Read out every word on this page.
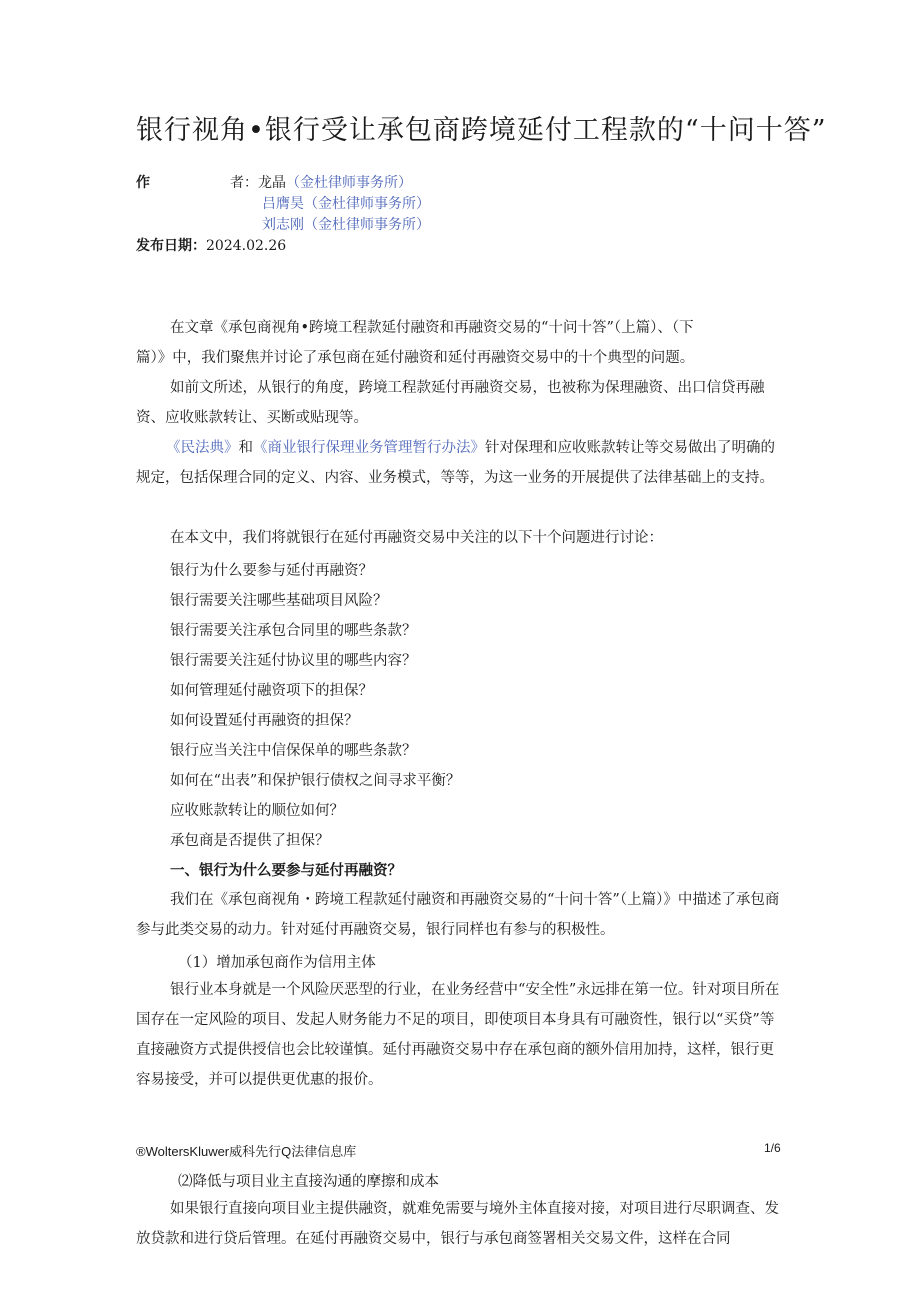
银行视角•银行受让承包商跨境延付工程款的“十问十答”
作	者：龙晶（金杜律师事务所）
吕膺昊（金杜律师事务所）
刘志刚（金杜律师事务所）
发布日期：2024.02.26
在文章《承包商视角•跨境工程款延付融资和再融资交易的“十问十答”（上篇）、（下
篇）》中，我们聚焦并讨论了承包商在延付融资和延付再融资交易中的十个典型的问题。

如前文所述，从银行的角度，跨境工程款延付再融资交易，也被称为保理融资、出口信贷再融资、应收账款转让、买断或贴现等。

《民法典》和《商业银行保理业务管理暂行办法》针对保理和应收账款转让等交易做出了明确的规定，包括保理合同的定义、内容、业务模式，等等，为这一业务的开展提供了法律基础上的支持。

在本文中，我们将就银行在延付再融资交易中关注的以下十个问题进行讨论：

银行为什么要参与延付再融资？
银行需要关注哪些基础项目风险？
银行需要关注承包合同里的哪些条款？
银行需要关注延付协议里的哪些内容？
如何管理延付融资项下的担保？
如何设置延付再融资的担保？
银行应当关注中信保保单的哪些条款？
如何在“出表”和保护银行债权之间寻求平衡？
应收账款转让的顺位如何？
承包商是否提供了担保？
一、银行为什么要参与延付再融资？

我们在《承包商视角・跨境工程款延付融资和再融资交易的“十问十答”（上篇）》中描述了承包商参与此类交易的动力。针对延付再融资交易，银行同样也有参与的积极性。

（1）增加承包商作为信用主体

银行业本身就是一个风险厌恶型的行业，在业务经营中“安全性”永远排在第一位。针对项目所在国存在一定风险的项目、发起人财务能力不足的项目，即使项目本身具有可融资性，银行以“买贷”等直接融资方式提供授信也会比较谨慎。延付再融资交易中存在承包商的额外信用加持，这样，银行更容易接受，并可以提供更优惠的报价。

®WoltersKluwer威科先行Q法律信息库	1/6
⑵降低与项目业主直接沟通的摩擦和成本

如果银行直接向项目业主提供融资，就难免需要与境外主体直接对接，对项目进行尽职调查、发放贷款和进行贷后管理。在延付再融资交易中，银行与承包商签署相关交易文件，这样在合同
